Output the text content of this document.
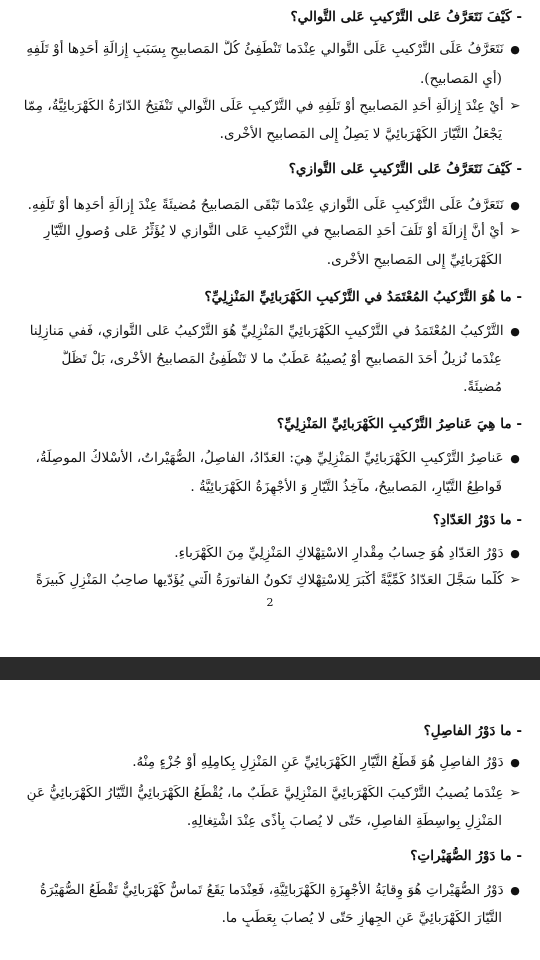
- كَيْفَ نَتَعَرَّفُ عَلى التَّرْكيبِ عَلى التَّوالي؟
● نَتَعَرَّفُ عَلَى التَّرْكيبِ عَلَى التَّوالي عِنْدَما تَنْطَفِئُ كُلُّ المَصابيحِ بِسَبَبِ إِزالَةِ أَحَدِها أَوْ تَلَفِهِ
(أَيِ المَصابيحِ).
➢ أَيْ عِنْدَ إِزالَةِ أَحَدِ المَصابيحِ أَوْ تَلَفِهِ في التَّرْكيبِ عَلَى التَّوالي تَنْفَتِحُ الدّارَةُ الكَهْرَبائِيَّةُ، مِمّا
يَجْعَلُ التَّيّارَ الكَهْرَبائِيَّ لا يَصِلُ إِلى المَصابيحِ الأُخْرى.
- كَيْفَ نَتَعَرَّفُ عَلى التَّرْكيبِ عَلى التَّوازي؟
● نَتَعَرَّفُ عَلَى التَّرْكيبِ عَلَى التَّوازي عِنْدَما تَبْقَى المَصابيحُ مُضيئَةً عِنْدَ إِزالَةِ أَحَدِها أَوْ تَلَفِهِ.
➢ أَيْ أَنَّ إِزالَةَ أَوْ تَلَفَ أَحَدِ المَصابيحِ في التَّرْكيبِ عَلى التَّوازي لا يُؤَثِّرُ عَلى وُصولِ التَّيّارِ
الكَهْرَبائِيِّ إِلى المَصابيحِ الأُخْرى.
- ما هُوَ التَّرْكيبُ المُعْتَمَدُ في التَّرْكيبِ الكَهْرَبائِيِّ المَنْزِلِيِّ؟
● التَّرْكيبُ المُعْتَمَدُ في التَّرْكيبِ الكَهْرَبائِيِّ المَنْزِلِيِّ هُوَ التَّرْكيبُ عَلى التَّوازي، فَفي مَنازِلِنا
عِنْدَما نُزيلُ أَحَدَ المَصابيحِ أَوْ يُصيبُهُ عَطَبٌ ما لا تَنْطَفِئُ المَصابيحُ الأُخْرى، بَلْ تَظَلُّ
مُضيئَةً.
- ما هِيَ عَناصِرُ التَّرْكيبِ الكَهْرَبائِيِّ المَنْزِلِيِّ؟
● عَناصِرُ التَّرْكيبِ الكَهْرَبائِيِّ المَنْزِلِيِّ هِيَ: العَدّادُ، الفاصِلُ، الصُّهَيْراتُ، الأَسْلاكُ الموصِلَةُ،
قَواطِعُ التَّيّارِ، المَصابيحُ، مآخِذُ التَّيّارِ وَ الأَجْهِزَةُ الكَهْرَبائِيَّةُ .
- ما دَوْرُ العَدّادِ؟
● دَوْرُ العَدّادِ هُوَ حِسابُ مِقْدارِ الاسْتِهْلاكِ المَنْزِلِيِّ مِنَ الكَهْرَباءِ.
➢ كُلَّما سَجَّلَ العَدّادُ كَمِّيَّةً أَكْبَرَ لِلاسْتِهْلاكِ تَكونُ الفاتورَةُ الَّتي يُؤَدّيها صاحِبُ المَنْزِلِ كَبيرَةً
2
- ما دَوْرُ الفاصِلِ؟
● دَوْرُ الفاصِلِ هُوَ قَطْعُ التَّيّارِ الكَهْرَبائِيِّ عَنِ المَنْزِلِ بِكامِلِهِ أَوْ جُزْءٍ مِنْهُ.
➢ عِنْدَما يُصيبُ التَّرْكيبَ الكَهْرَبائِيَّ المَنْزِلِيَّ عَطَبٌ ما، يُقْطَعُ الكَهْرَبائِيُّ التَّيّارُ الكَهْرَبائِيُّ عَنِ
المَنْزِلِ بِواسِطَةِ الفاصِلِ، حَتّى لا يُصابَ بِأَذًى عِنْدَ اشْتِغالِهِ.
- ما دَوْرُ الصُّهَيْراتِ؟
● دَوْرُ الصُّهَيْراتِ هُوَ وِقايَةُ الأَجْهِزَةِ الكَهْرَبائِيَّةِ، فَعِنْدَما يَقَعُ تَماسٌّ كَهْرَبائِيٌّ تَقْطَعُ الصُّهَيْرَةُ
التَّيّارَ الكَهْرَبائِيَّ عَنِ الجِهازِ حَتّى لا يُصابَ بِعَطَبٍ ما.
